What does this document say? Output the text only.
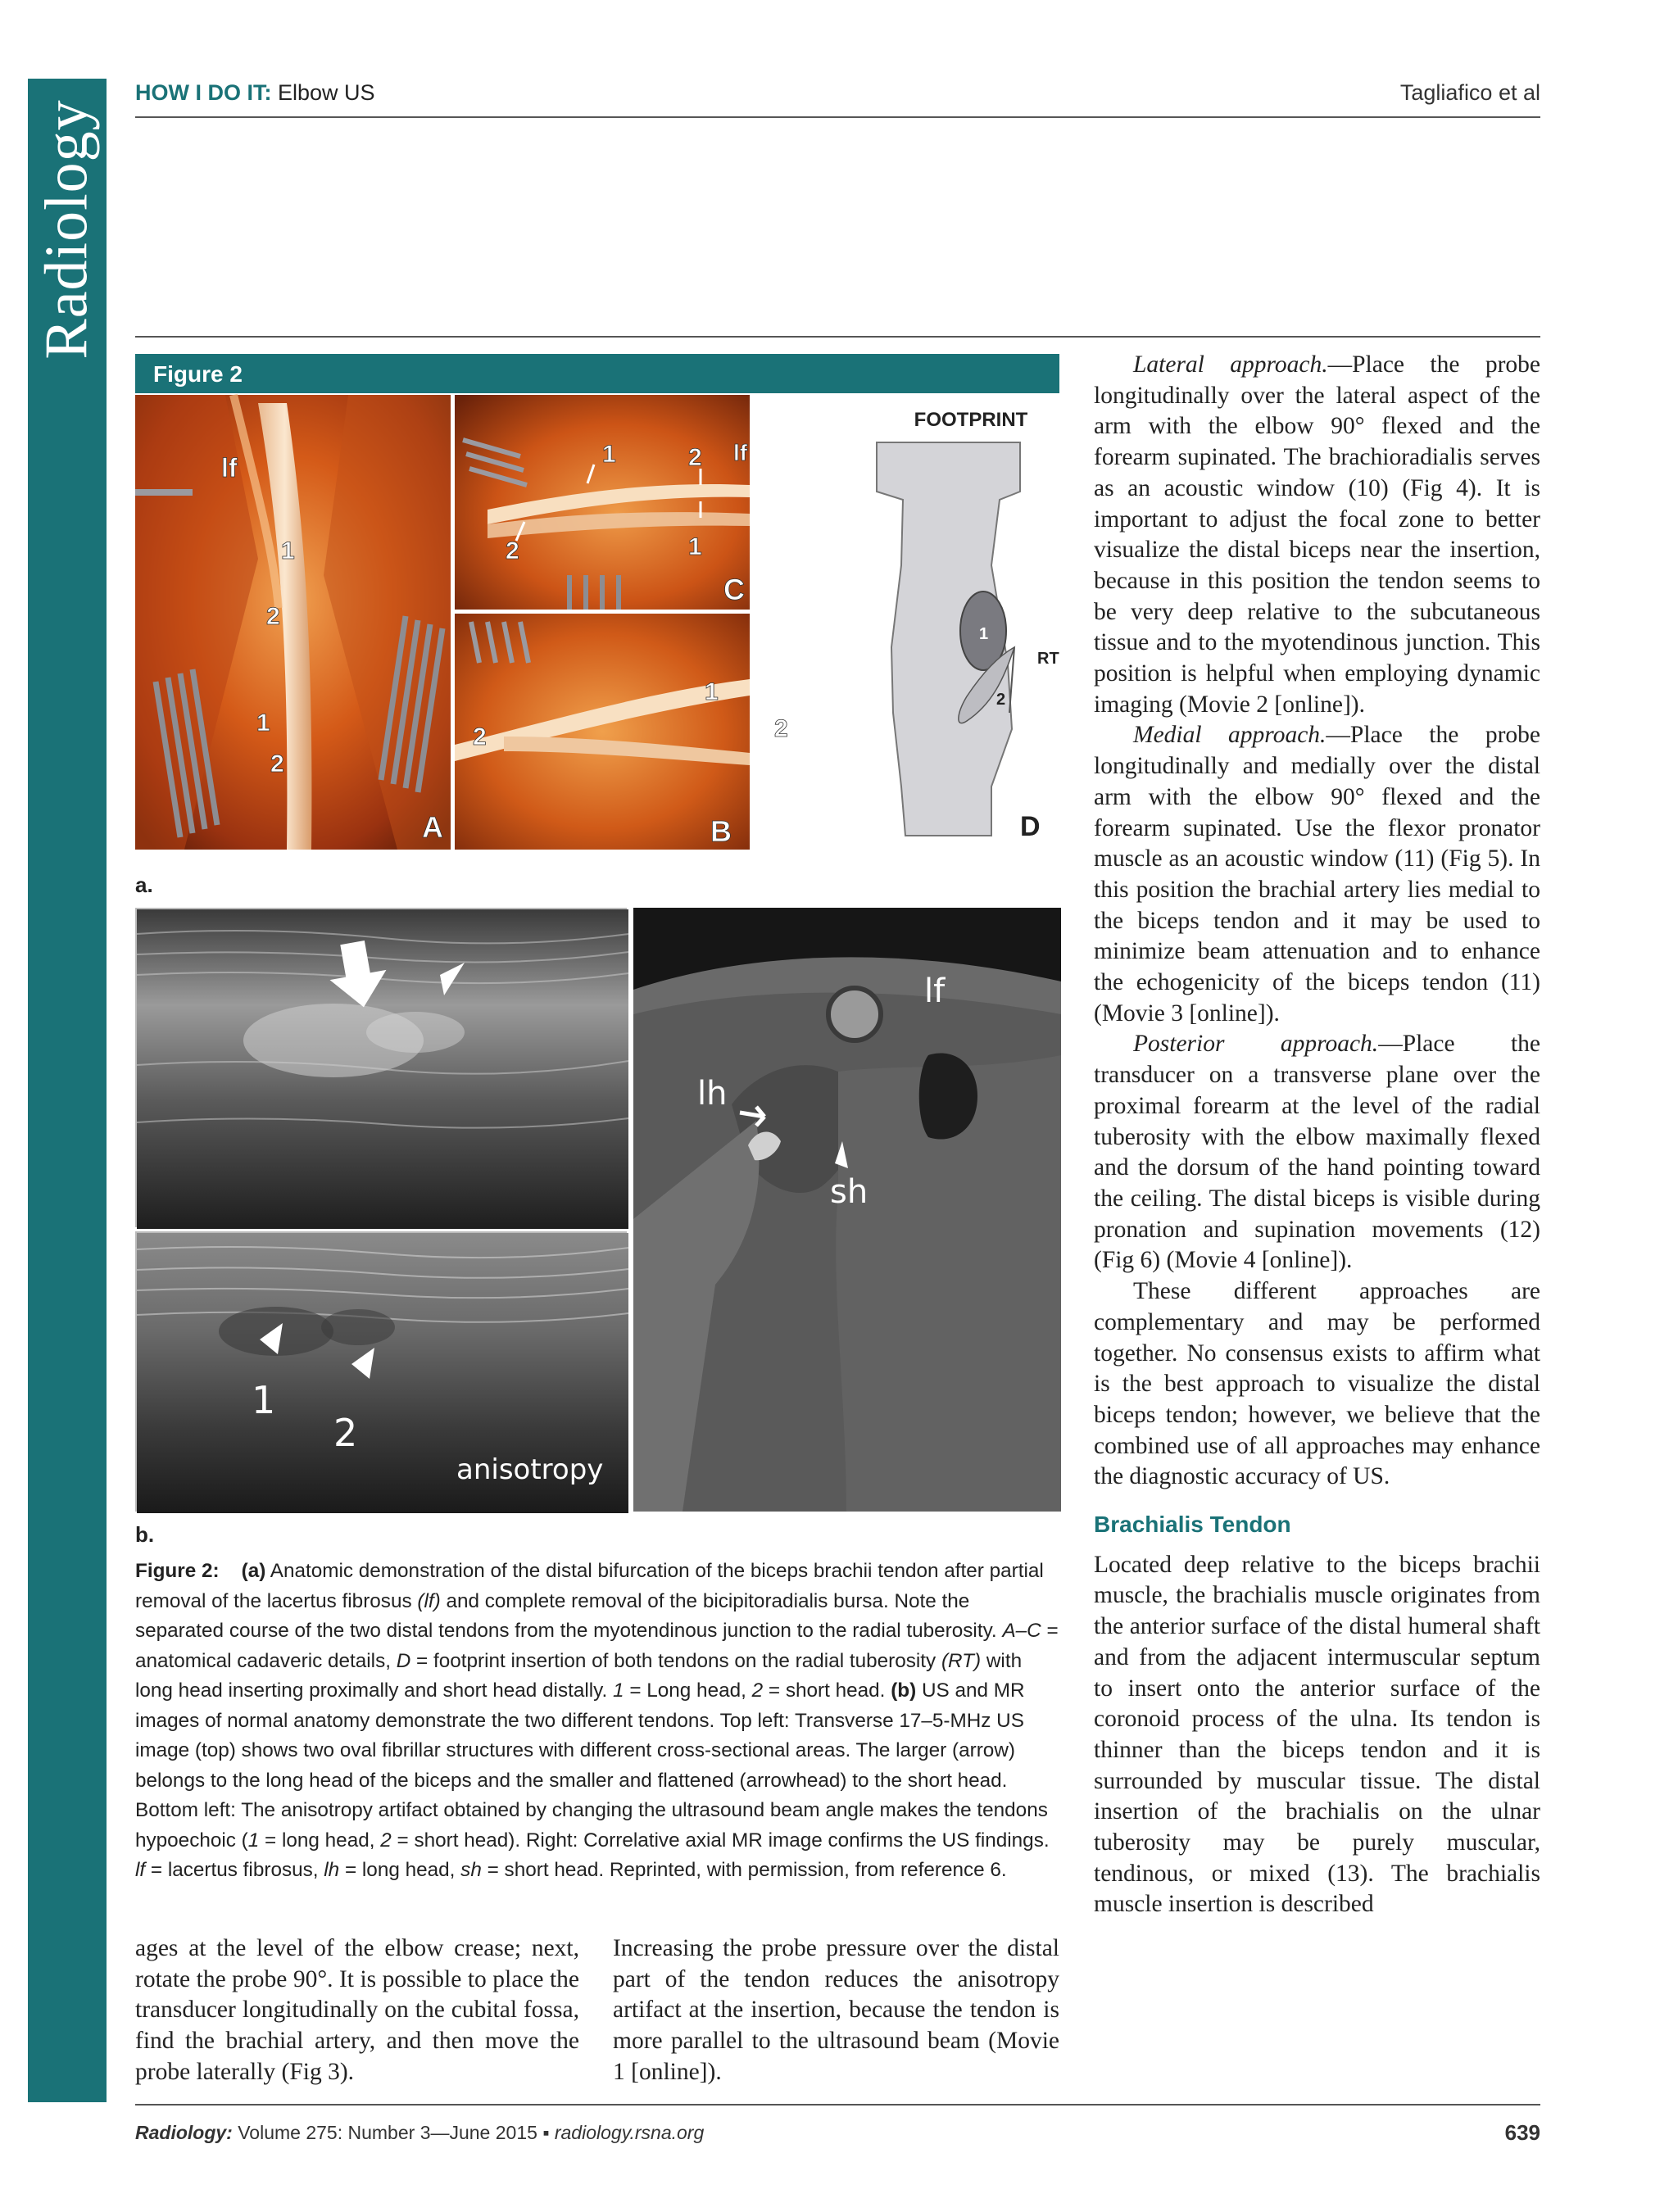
Radiology
HOW I DO IT: Elbow US	Tagliafico et al
Figure 2
lf
1
2
1
2
A
1	2 lf
2	1
C
1
2	2
B
FOOTPRINT
1
2
RT
D
a.
1
2
anisotropy
lf
lh
sh
b.
Figure 2: (a) Anatomic demonstration of the distal bifurcation of the biceps brachii tendon after partial removal of the lacertus fibrosus (lf) and complete removal of the bicipitoradialis bursa. Note the separated course of the two distal tendons from the myotendinous junction to the radial tuberosity. A–C = anatomical cadaveric details, D = footprint insertion of both tendons on the radial tuberosity (RT) with long head inserting proximally and short head distally. 1 = Long head, 2 = short head. (b) US and MR images of normal anatomy demonstrate the two different tendons. Top left: Transverse 17–5-MHz US image (top) shows two oval fibrillar structures with different cross-sectional areas. The larger (arrow) belongs to the long head of the biceps and the smaller and flattened (arrowhead) to the short head. Bottom left: The anisotropy artifact obtained by changing the ultrasound beam angle makes the tendons hypoechoic (1 = long head, 2 = short head). Right: Correlative axial MR image confirms the US findings. lf = lacertus fibrosus, lh = long head, sh = short head. Reprinted, with permission, from reference 6.

ages at the level of the elbow crease; next, rotate the probe 90°. It is possible to place the transducer longitudinally on the cubital fossa, find the brachial artery, and then move the probe laterally (Fig 3).

Increasing the probe pressure over the distal part of the tendon reduces the anisotropy artifact at the insertion, because the tendon is more parallel to the ultrasound beam (Movie 1 [online]).

Lateral approach.—Place the probe longitudinally over the lateral aspect of the arm with the elbow 90° flexed and the forearm supinated. The brachioradialis serves as an acoustic window (10) (Fig 4). It is important to adjust the focal zone to better visualize the distal biceps near the insertion, because in this position the tendon seems to be very deep relative to the subcutaneous tissue and to the myotendinous junction. This position is helpful when employing dynamic imaging (Movie 2 [online]).

Medial approach.—Place the probe longitudinally and medially over the distal arm with the elbow 90° flexed and the forearm supinated. Use the flexor pronator muscle as an acoustic window (11) (Fig 5). In this position the brachial artery lies medial to the biceps tendon and it may be used to minimize beam attenuation and to enhance the echogenicity of the biceps tendon (11) (Movie 3 [online]).

Posterior approach.—Place the transducer on a transverse plane over the proximal forearm at the level of the radial tuberosity with the elbow maximally flexed and the dorsum of the hand pointing toward the ceiling. The distal biceps is visible during pronation and supination movements (12) (Fig 6) (Movie 4 [online]).

These different approaches are complementary and may be performed together. No consensus exists to affirm what is the best approach to visualize the distal biceps tendon; however, we believe that the combined use of all approaches may enhance the diagnostic accuracy of US.

Brachialis Tendon

Located deep relative to the biceps brachii muscle, the brachialis muscle originates from the anterior surface of the distal humeral shaft and from the adjacent intermuscular septum to insert onto the anterior surface of the coronoid process of the ulna. Its tendon is thinner than the biceps tendon and it is surrounded by muscular tissue. The distal insertion of the brachialis on the ulnar tuberosity may be purely muscular, tendinous, or mixed (13). The brachialis muscle insertion is described

Radiology: Volume 275: Number 3—June 2015 ▪ radiology.rsna.org	639
